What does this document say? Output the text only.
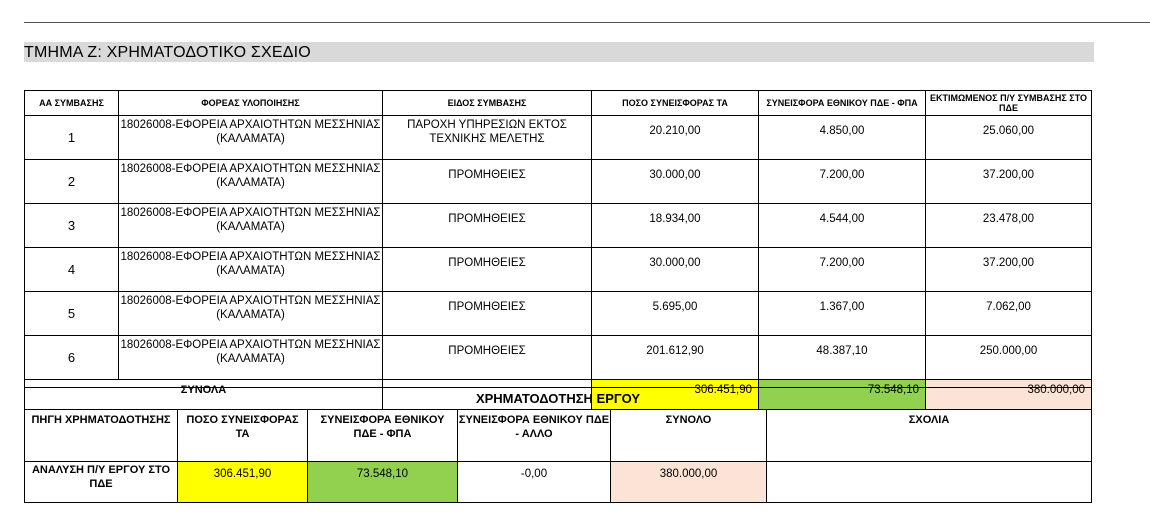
ΤΜΗΜΑ Ζ: ΧΡΗΜΑΤΟΔΟΤΙΚΟ ΣΧΕΔΙΟ
ΑΑ ΣΥΜΒΑΣΗΣ	ΦΟΡΕΑΣ ΥΛΟΠΟΙΗΣΗΣ	ΕΙΔΟΣ ΣΥΜΒΑΣΗΣ	ΠΟΣΟ ΣΥΝΕΙΣΦΟΡΑΣ ΤΑ	ΣΥΝΕΙΣΦΟΡΑ ΕΘΝΙΚΟΥ ΠΔΕ - ΦΠΑ	ΕΚΤΙΜΩΜΕΝΟΣ Π/Υ ΣΥΜΒΑΣΗΣ ΣΤΟ ΠΔΕ
1	18026008-ΕΦΟΡΕΙΑ ΑΡΧΑΙΟΤΗΤΩΝ ΜΕΣΣΗΝΙΑΣ (ΚΑΛΑΜΑΤΑ)	ΠΑΡΟΧΗ ΥΠΗΡΕΣΙΩΝ ΕΚΤΟΣ ΤΕΧΝΙΚΗΣ ΜΕΛΕΤΗΣ	20.210,00	4.850,00	25.060,00
2	18026008-ΕΦΟΡΕΙΑ ΑΡΧΑΙΟΤΗΤΩΝ ΜΕΣΣΗΝΙΑΣ (ΚΑΛΑΜΑΤΑ)	ΠΡΟΜΗΘΕΙΕΣ	30.000,00	7.200,00	37.200,00
3	18026008-ΕΦΟΡΕΙΑ ΑΡΧΑΙΟΤΗΤΩΝ ΜΕΣΣΗΝΙΑΣ (ΚΑΛΑΜΑΤΑ)	ΠΡΟΜΗΘΕΙΕΣ	18.934,00	4.544,00	23.478,00
4	18026008-ΕΦΟΡΕΙΑ ΑΡΧΑΙΟΤΗΤΩΝ ΜΕΣΣΗΝΙΑΣ (ΚΑΛΑΜΑΤΑ)	ΠΡΟΜΗΘΕΙΕΣ	30.000,00	7.200,00	37.200,00
5	18026008-ΕΦΟΡΕΙΑ ΑΡΧΑΙΟΤΗΤΩΝ ΜΕΣΣΗΝΙΑΣ (ΚΑΛΑΜΑΤΑ)	ΠΡΟΜΗΘΕΙΕΣ	5.695,00	1.367,00	7.062,00
6	18026008-ΕΦΟΡΕΙΑ ΑΡΧΑΙΟΤΗΤΩΝ ΜΕΣΣΗΝΙΑΣ (ΚΑΛΑΜΑΤΑ)	ΠΡΟΜΗΘΕΙΕΣ	201.612,90	48.387,10	250.000,00
ΣΥΝΟΛΑ			306.451,90	73.548,10	380.000,00
ΧΡΗΜΑΤΟΔΟΤΗΣΗ ΕΡΓΟΥ					
ΠΗΓΗ ΧΡΗΜΑΤΟΔΟΤΗΣΗΣ	ΠΟΣΟ ΣΥΝΕΙΣΦΟΡΑΣ ΤΑ	ΣΥΝΕΙΣΦΟΡΑ ΕΘΝΙΚΟΥ ΠΔΕ - ΦΠΑ	ΣΥΝΕΙΣΦΟΡΑ ΕΘΝΙΚΟΥ ΠΔΕ - ΑΛΛΟ	ΣΥΝΟΛΟ	ΣΧΟΛΙΑ
ΑΝΑΛΥΣΗ Π/Υ ΕΡΓΟΥ ΣΤΟ ΠΔΕ	306.451,90	73.548,10	-0,00	380.000,00	
